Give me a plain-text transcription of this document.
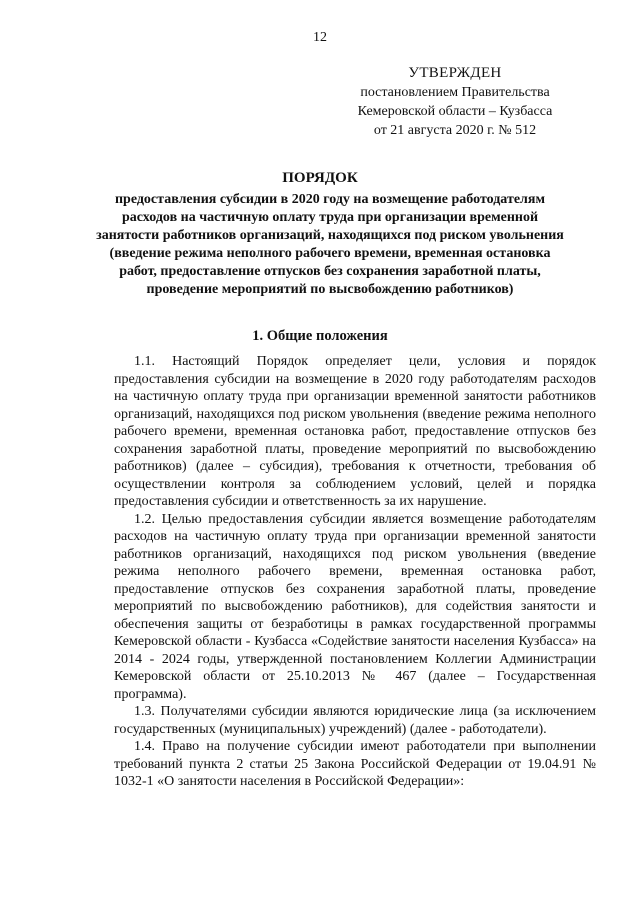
12
УТВЕРЖДЕН
постановлением Правительства
Кемеровской области – Кузбасса
от 21 августа 2020 г. № 512
ПОРЯДОК
предоставления субсидии в 2020 году на возмещение работодателям расходов на частичную оплату труда при организации временной занятости работников организаций, находящихся под риском увольнения (введение режима неполного рабочего времени, временная остановка работ, предоставление отпусков без сохранения заработной платы, проведение мероприятий по высвобождению работников)
1. Общие положения

1.1. Настоящий Порядок определяет цели, условия и порядок предоставления субсидии на возмещение в 2020 году работодателям расходов на частичную оплату труда при организации временной занятости работников организаций, находящихся под риском увольнения (введение режима неполного рабочего времени, временная остановка работ, предоставление отпусков без сохранения заработной платы, проведение мероприятий по высвобождению работников) (далее – субсидия), требования к отчетности, требования об осуществлении контроля за соблюдением условий, целей и порядка предоставления субсидии и ответственность за их нарушение.

1.2. Целью предоставления субсидии является возмещение работодателям расходов на частичную оплату труда при организации временной занятости работников организаций, находящихся под риском увольнения (введение режима неполного рабочего времени, временная остановка работ, предоставление отпусков без сохранения заработной платы, проведение мероприятий по высвобождению работников), для содействия занятости и обеспечения защиты от безработицы в рамках государственной программы Кемеровской области - Кузбасса «Содействие занятости населения Кузбасса» на 2014 - 2024 годы, утвержденной постановлением Коллегии Администрации Кемеровской области от 25.10.2013 № 467 (далее – Государственная программа).

1.3. Получателями субсидии являются юридические лица (за исключением государственных (муниципальных) учреждений) (далее - работодатели).

1.4. Право на получение субсидии имеют работодатели при выполнении требований пункта 2 статьи 25 Закона Российской Федерации от 19.04.91 № 1032-1 «О занятости населения в Российской Федерации»:
